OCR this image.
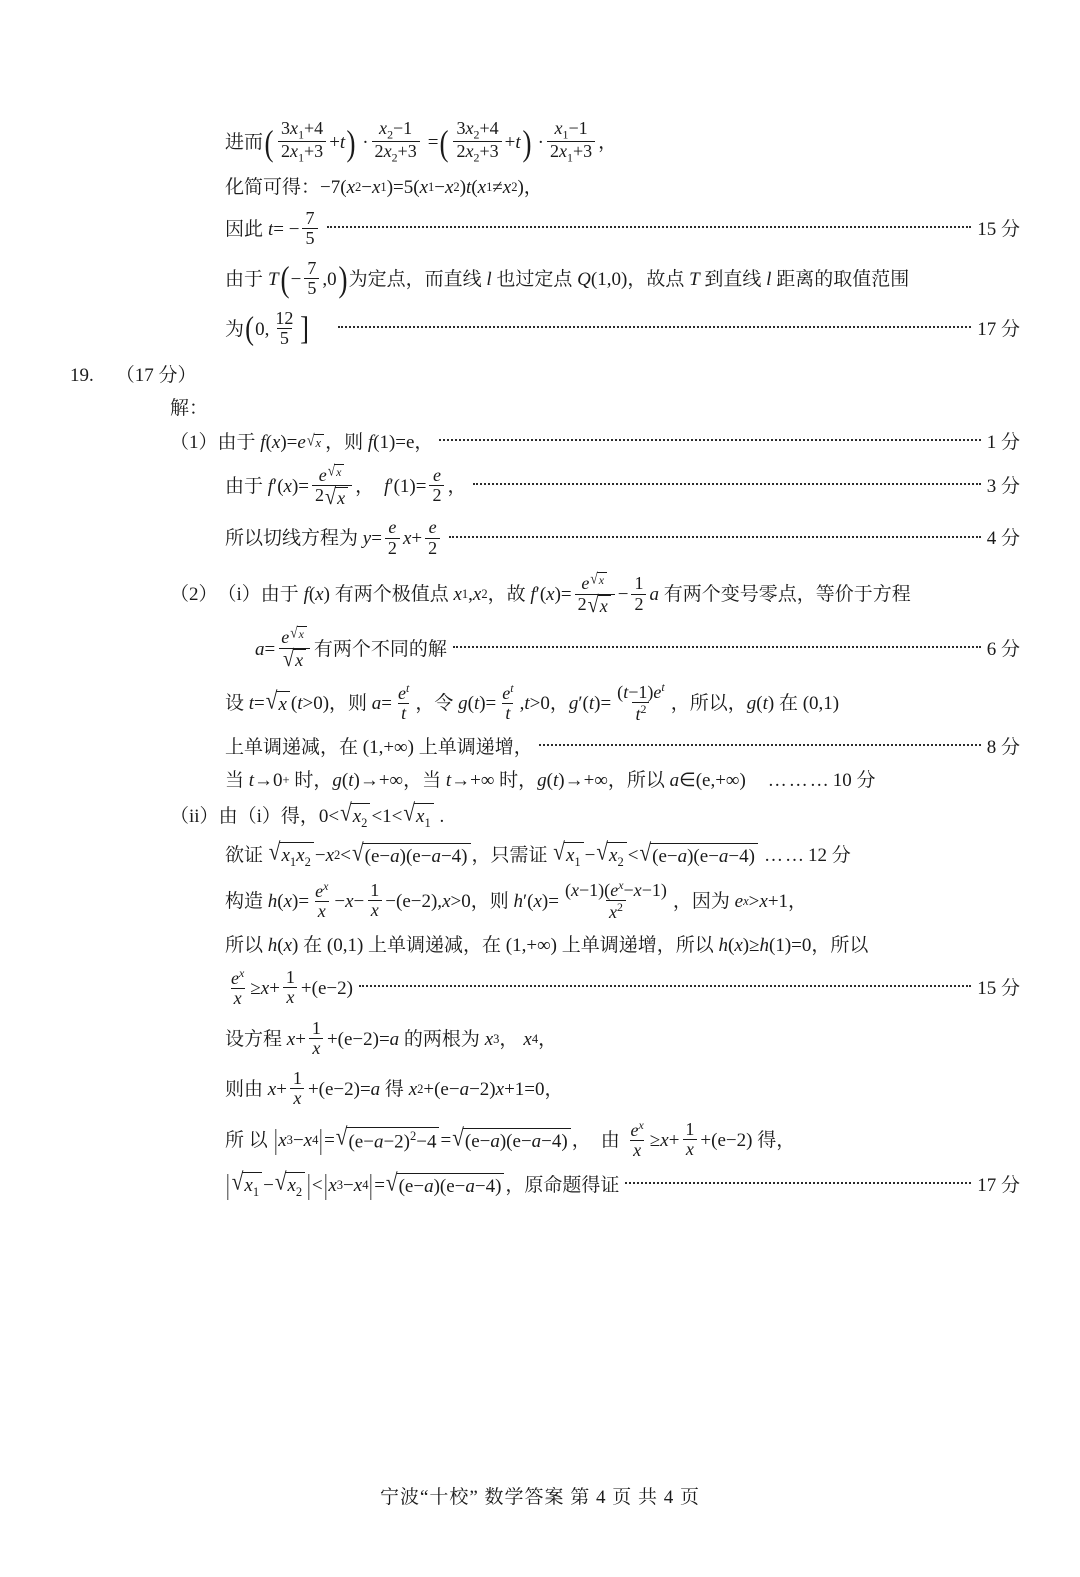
进而 ( $\frac{3x_1+4}{2x_1+3} + t$ ) · $\frac{x_2-1}{2x_2+3}$ = ( $\frac{3x_2+4}{2x_2+3} + t$ ) · $\frac{x_1-1}{2x_1+3}$ ，
化简可得： −7( x 2 − x 1 )=5( x 1 − x 2 ) t ( x 1 ≠ x 2 )，
因此 t = − $\frac{7}{5}$	15 分
由于 T ( − $\frac{7}{5} ,0$ ) 为定点，而直线 l 也过定点 Q (1,0) ，故点 T 到直线 l 距离的取值范围
为 ( 0, $\frac{12}{5}$ ]	17 分
19. （17 分）
解：
（1） 由于 f ( x )= e √ x ，则 f (1)=e，	1 分
由于 f ′( x )= $\frac{e ^{√ x}}{2 √ x}$ ， f $'(1)= \frac{e}{2}$ ，	3 分
所以切线方程为 $y = \frac{e}{2}$ $x + \frac{e}{2}$	4 分
（2） （i） 由于 f ( x ) 有两个极值点 x 1 , x 2 ，故 f ′( x )= $\frac{e ^{√ x}}{2 √ x} - \frac{1}{2}$ a 有两个变号零点，等价于方程
$a = \frac{e ^{√ x}}{√ x}$ 有两个不同的解	6 分
设 t = √ x ( t >0) ，则 $a = \frac{e^t}{t}$ ，令 g ( t )= $\frac{e^t}{t}$ , t >0 ， g ′( t )= $\frac{(t-1)e^t}{t^2}$ ，所以， g ( t ) 在 (0,1)
上单调递减，在 (1,+∞) 上单调递增，	8 分
当 t →0 + 时， g ( t )→+∞ ，当 t →+∞ 时， g ( t )→+∞ ，所以 a ∈(e,+∞) ……… 10 分
（ii） 由（i）得， 0< √ $x_2 <1<$ √ $x_1$ .
欲证 √ $x_1x_2 - x$ 2 < √ (e−a)(e−a−4) ，只需证 √ $x_1$ − √ $x_2$ < √ (e−a)(e−a−4) …… 12 分
构造 h ( x )= $\frac{e^x}{x} - x - \frac{1}{x} -(e-2)$, x >0 ，则 h ′( x )= $\frac{(x-1)(e^x-x-1)}{x^2}$ ，因为 e x > x +1 ，
所以 h ( x ) 在 (0,1) 上单调递减，在 (1,+∞) 上单调递增，所以 h ( x )≥ h (1)=0 ，所以
$\frac{e^x}{x} \ge x + \frac{1}{x} +(e-2)$	15 分
设方程 $x + \frac{1}{x} +(e-2)= a$ 的两根为 x 3 ， x 4 ，
则由 $x + \frac{1}{x} +(e-2)= a$ 得 x 2 +(e− a −2) x +1=0，
所 以 | x 3 − x 4 | = √ $(e-a-2)^2-4$ = √ (e−a)(e−a−4) ， 由 $\frac{e^x}{x} \ge x + \frac{1}{x} +(e-2)$ 得，
| √ $x_1$ − √ $x_2$ | < | x 3 − x 4 | = √ (e−a)(e−a−4) ，原命题得证	17 分
宁波“十校” 数学答案 第 4 页 共 4 页
